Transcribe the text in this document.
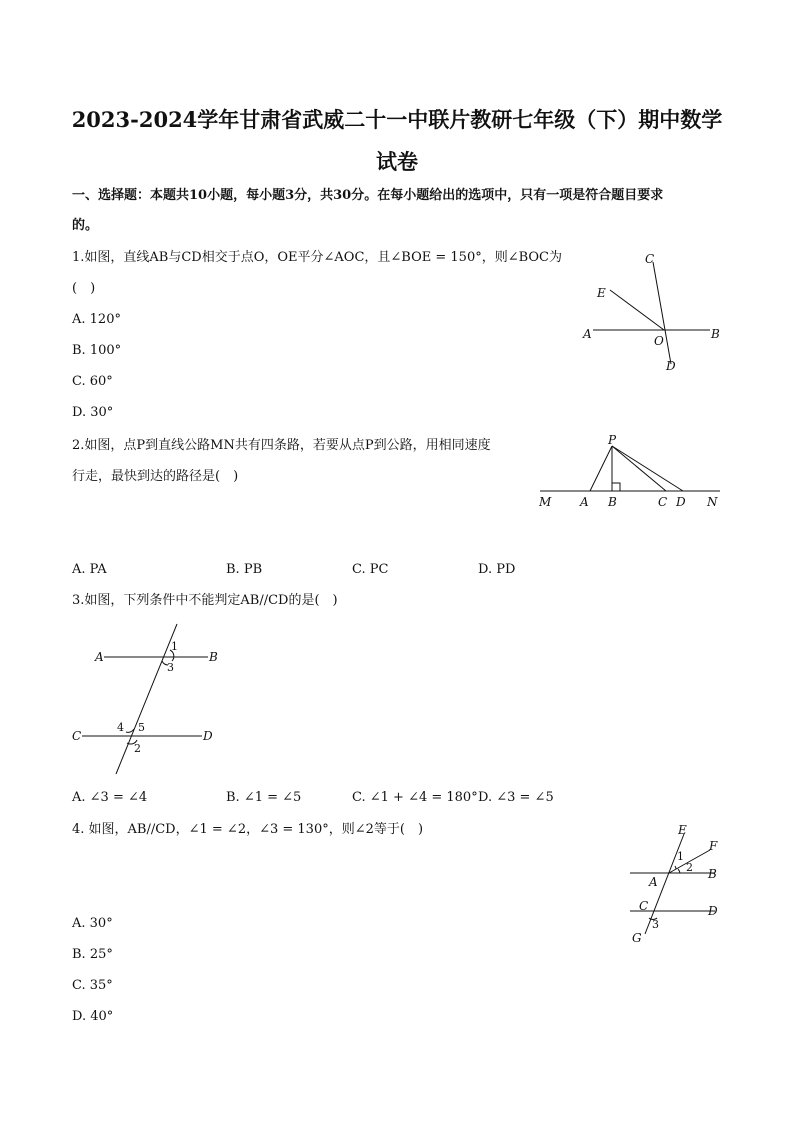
2023-2024学年甘肃省武威二十一中联片教研七年级（下）期中数学
试卷
一、选择题：本题共10小题，每小题3分，共30分。在每小题给出的选项中，只有一项是符合题目要求
的。
1.如图，直线AB与CD相交于点O，OE平分∠AOC，且∠BOE = 150°，则∠BOC为
(　)
A. 120°
B. 100°
C. 60°
D. 30°
A	B
C
D
E
O
2.如图，点P到直线公路MN共有四条路，若要从点P到公路，用相同速度
行走，最快到达的路径是(　)
P
M A B	C D N
A. PA	B. PB	C. PC	D. PD
3.如图，下列条件中不能判定AB//CD的是(　)
A	B
C	D
1
3
4 5
2
A. ∠3 = ∠4	B. ∠1 = ∠5	C. ∠1 + ∠4 = 180° D. ∠3 = ∠5
4. 如图，AB//CD，∠1 = ∠2，∠3 = 130°，则∠2等于(　)	E
F
A
B
C	D
G
1
2
3
A. 30°
B. 25°
C. 35°
D. 40°
